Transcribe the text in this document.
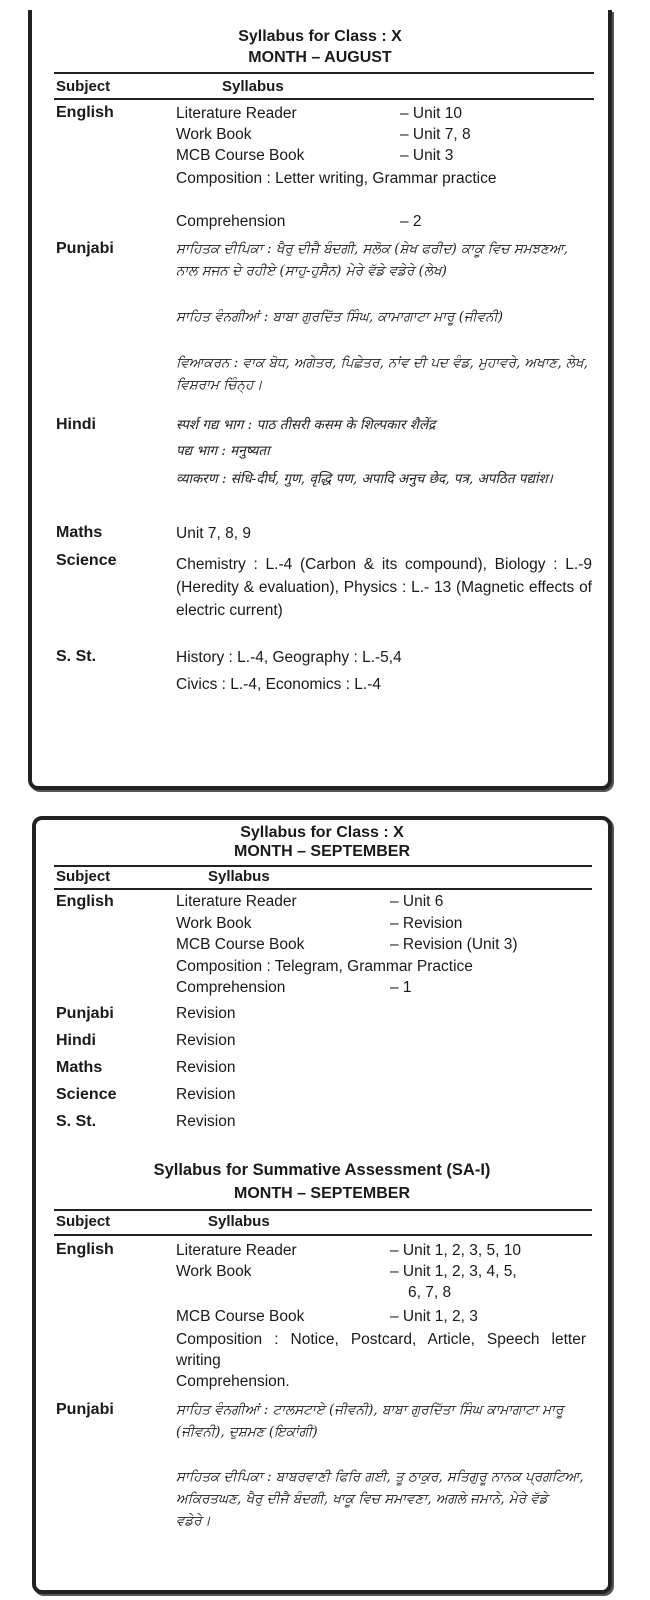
Syllabus for Class : X
MONTH – AUGUST
Subject	Syllabus
English	Literature Reader	– Unit 10
Work Book	– Unit 7, 8
MCB Course Book	– Unit 3
Composition : Letter writing, Grammar practice
Comprehension	– 2
Punjabi	ਸਾਹਿਤਕ ਦੀਪਿਕਾ : ਖੈਰੁ ਦੀਜੈ ਬੰਦਗੀ, ਸਲੋਕ (ਸ਼ੇਖ ਫਰੀਦ) ਕਾਕੂ ਵਿਚ ਸਮਝਣਆ, ਨਾਲ ਸਜਨ ਦੇ ਰਹੀਏ (ਸਾਹੁ-ਹੁਸੈਨ) ਮੇਰੇ ਵੱਡੇ ਵਡੇਰੇ (ਲੇਖ)
ਸਾਹਿਤ ਵੰਨਗੀਆਂ : ਬਾਬਾ ਗੁਰਦਿੱਤ ਸਿੰਘ, ਕਾਮਾਗਾਟਾ ਮਾਰੂ (ਜੀਵਨੀ)
ਵਿਆਕਰਨ : ਵਾਕ ਬੋਧ, ਅਗੇਤਰ, ਪਿਛੇਤਰ, ਨਾਂਵ ਦੀ ਪਦ ਵੰਡ, ਮੁਹਾਵਰੇ, ਅਖਾਣ, ਲੇਖ, ਵਿਸ਼ਰਾਮ ਚਿੰਨ੍ਹ।
Hindi	स्पर्श गद्य भाग : पाठ तीसरी कसम के शिल्पकार शैलेंद्र
पद्य भाग : मनुष्यता
व्याकरण : संधि-दीर्घ, गुण, वृद्धि पण, अपादि अनुच छेद, पत्र, अपठित पद्यांश।
Maths	Unit 7, 8, 9
Science	Chemistry : L.-4 (Carbon & its compound), Biology : L.-9 (Heredity & evaluation), Physics : L.- 13 (Magnetic effects of electric current)
S. St.	History : L.-4, Geography : L.-5,4
Civics : L.-4, Economics : L.-4
Syllabus for Class : X
MONTH – SEPTEMBER
Subject	Syllabus
English	Literature Reader	– Unit 6
Work Book	– Revision
MCB Course Book	– Revision (Unit 3)
Composition : Telegram, Grammar Practice
Comprehension	– 1
Punjabi	Revision
Hindi	Revision
Maths	Revision
Science	Revision
S. St.	Revision
Syllabus for Summative Assessment (SA-I)
MONTH – SEPTEMBER
Subject	Syllabus
English	Literature Reader	– Unit 1, 2, 3, 5, 10
Work Book	– Unit 1, 2, 3, 4, 5,
6, 7, 8
MCB Course Book	– Unit 1, 2, 3
Composition : Notice, Postcard, Article, Speech letter writing
Comprehension.
Punjabi	ਸਾਹਿਤ ਵੰਨਗੀਆਂ : ਟਾਲਸਟਾਏ (ਜੀਵਨੀ), ਬਾਬਾ ਗੁਰਦਿੱਤਾ ਸਿੰਘ ਕਾਮਾਗਾਟਾ ਮਾਰੂ (ਜੀਵਨੀ), ਦੁਸ਼ਮਣ (ਇਕਾਂਗੀ)
ਸਾਹਿਤਕ ਦੀਪਿਕਾ : ਬਾਬਰਵਾਣੀ ਫਿਰਿ ਗਈ, ਤੂ ਠਾਕੁਰ, ਸਤਿਗੁਰੂ ਨਾਨਕ ਪ੍ਰਗਟਿਆ, ਅਕਿਰਤਘਣ, ਖੈਰੁ ਦੀਜੈ ਬੰਦਗੀ, ਖਾਕੂ ਵਿਚ ਸਮਾਵਣਾ, ਅਗਲੇ ਜਮਾਨੇ, ਮੇਰੇ ਵੱਡੇ ਵਡੇਰੇ।
